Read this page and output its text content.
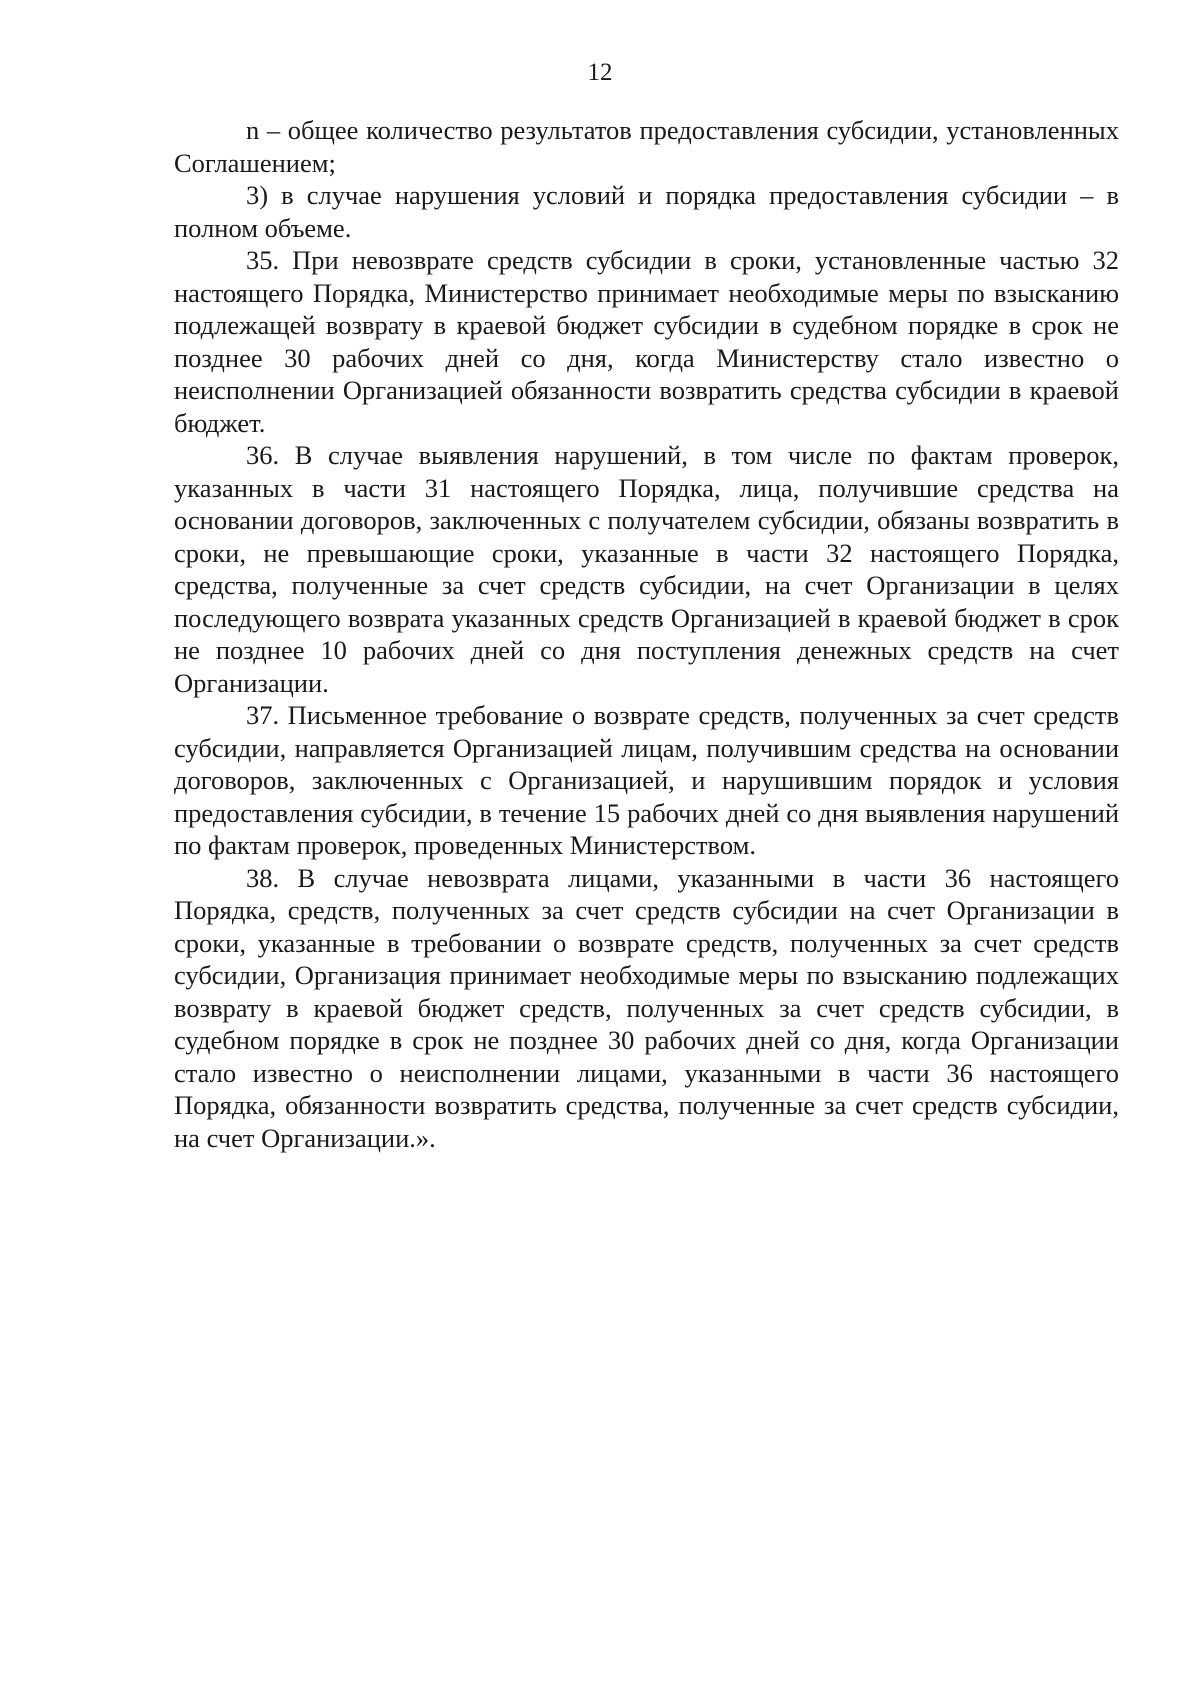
12

n – общее количество результатов предоставления субсидии, установленных Соглашением;

3) в случае нарушения условий и порядка предоставления субсидии – в полном объеме.

35. При невозврате средств субсидии в сроки, установленные частью 32 настоящего Порядка, Министерство принимает необходимые меры по взысканию подлежащей возврату в краевой бюджет субсидии в судебном порядке в срок не позднее 30 рабочих дней со дня, когда Министерству стало известно о неисполнении Организацией обязанности возвратить средства субсидии в краевой бюджет.

36. В случае выявления нарушений, в том числе по фактам проверок, указанных в части 31 настоящего Порядка, лица, получившие средства на основании договоров, заключенных с получателем субсидии, обязаны возвратить в сроки, не превышающие сроки, указанные в части 32 настоящего Порядка, средства, полученные за счет средств субсидии, на счет Организации в целях последующего возврата указанных средств Организацией в краевой бюджет в срок не позднее 10 рабочих дней со дня поступления денежных средств на счет Организации.

37. Письменное требование о возврате средств, полученных за счет средств субсидии, направляется Организацией лицам, получившим средства на основании договоров, заключенных с Организацией, и нарушившим порядок и условия предоставления субсидии, в течение 15 рабочих дней со дня выявления нарушений по фактам проверок, проведенных Министерством.

38. В случае невозврата лицами, указанными в части 36 настоящего Порядка, средств, полученных за счет средств субсидии на счет Организации в сроки, указанные в требовании о возврате средств, полученных за счет средств субсидии, Организация принимает необходимые меры по взысканию подлежащих возврату в краевой бюджет средств, полученных за счет средств субсидии, в судебном порядке в срок не позднее 30 рабочих дней со дня, когда Организации стало известно о неисполнении лицами, указанными в части 36 настоящего Порядка, обязанности возвратить средства, полученные за счет средств субсидии, на счет Организации.».
